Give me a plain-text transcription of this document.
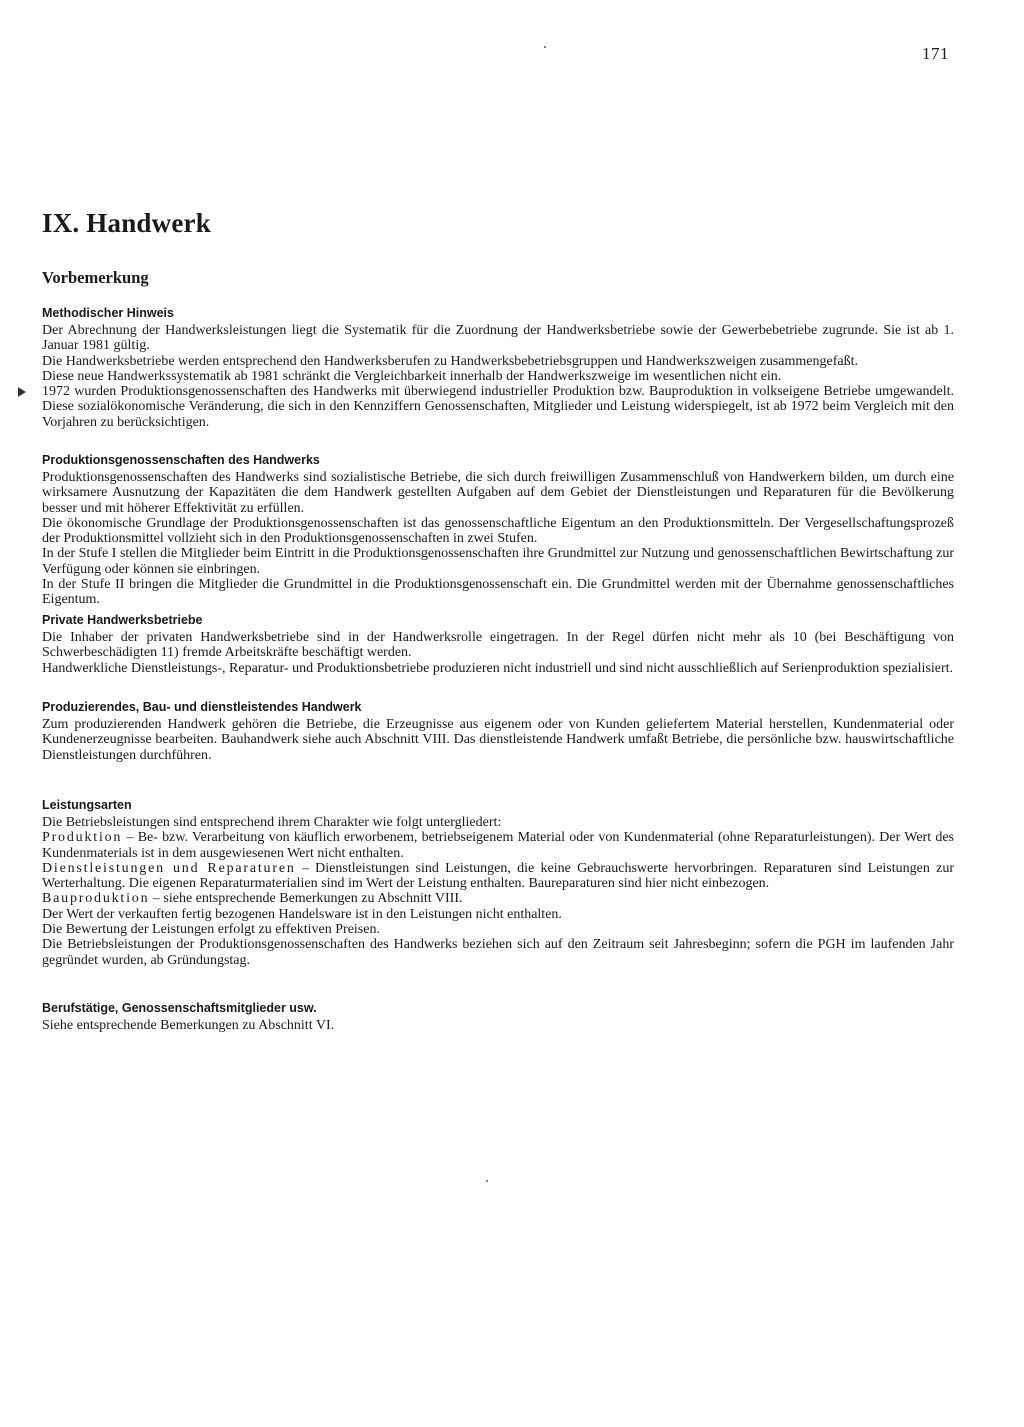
171
IX. Handwerk
Vorbemerkung
Methodischer Hinweis

Der Abrechnung der Handwerksleistungen liegt die Systematik für die Zuordnung der Handwerksbetriebe sowie der Gewerbebetriebe zugrunde. Sie ist ab 1. Januar 1981 gültig.

Die Handwerksbetriebe werden entsprechend den Handwerksberufen zu Handwerksbebetriebsgruppen und Handwerkszweigen zusammengefaßt.

Diese neue Handwerkssystematik ab 1981 schränkt die Vergleichbarkeit innerhalb der Handwerkszweige im wesentlichen nicht ein.

1972 wurden Produktionsgenossenschaften des Handwerks mit überwiegend industrieller Produktion bzw. Bauproduktion in volkseigene Betriebe umgewandelt. Diese sozialökonomische Veränderung, die sich in den Kennziffern Genossenschaften, Mitglieder und Leistung widerspiegelt, ist ab 1972 beim Vergleich mit den Vorjahren zu berücksichtigen.

Produktionsgenossenschaften des Handwerks

Produktionsgenossenschaften des Handwerks sind sozialistische Betriebe, die sich durch freiwilligen Zusammenschluß von Handwerkern bilden, um durch eine wirksamere Ausnutzung der Kapazitäten die dem Handwerk gestellten Aufgaben auf dem Gebiet der Dienstleistungen und Reparaturen für die Bevölkerung besser und mit höherer Effektivität zu erfüllen.

Die ökonomische Grundlage der Produktionsgenossenschaften ist das genossenschaftliche Eigentum an den Produktionsmitteln. Der Vergesellschaftungsprozeß der Produktionsmittel vollzieht sich in den Produktionsgenossenschaften in zwei Stufen.

In der Stufe I stellen die Mitglieder beim Eintritt in die Produktionsgenossenschaften ihre Grundmittel zur Nutzung und genossenschaftlichen Bewirtschaftung zur Verfügung oder können sie einbringen.

In der Stufe II bringen die Mitglieder die Grundmittel in die Produktionsgenossenschaft ein. Die Grundmittel werden mit der Übernahme genossenschaftliches Eigentum.

Private Handwerksbetriebe

Die Inhaber der privaten Handwerksbetriebe sind in der Handwerksrolle eingetragen. In der Regel dürfen nicht mehr als 10 (bei Beschäftigung von Schwerbeschädigten 11) fremde Arbeitskräfte beschäftigt werden.

Handwerkliche Dienstleistungs-, Reparatur- und Produktionsbetriebe produzieren nicht industriell und sind nicht ausschließlich auf Serienproduktion spezialisiert.

Produzierendes, Bau- und dienstleistendes Handwerk

Zum produzierenden Handwerk gehören die Betriebe, die Erzeugnisse aus eigenem oder von Kunden geliefertem Material herstellen, Kundenmaterial oder Kundenerzeugnisse bearbeiten. Bauhandwerk siehe auch Abschnitt VIII. Das dienstleistende Handwerk umfaßt Betriebe, die persönliche bzw. hauswirtschaftliche Dienstleistungen durchführen.

Leistungsarten

Die Betriebsleistungen sind entsprechend ihrem Charakter wie folgt untergliedert:

Produktion – Be- bzw. Verarbeitung von käuflich erworbenem, betriebseigenem Material oder von Kundenmaterial (ohne Reparaturleistungen). Der Wert des Kundenmaterials ist in dem ausgewiesenen Wert nicht enthalten.

Dienstleistungen und Reparaturen – Dienstleistungen sind Leistungen, die keine Gebrauchswerte hervorbringen. Reparaturen sind Leistungen zur Werterhaltung. Die eigenen Reparaturmaterialien sind im Wert der Leistung enthalten. Baureparaturen sind hier nicht einbezogen.

Bauproduktion – siehe entsprechende Bemerkungen zu Abschnitt VIII.

Der Wert der verkauften fertig bezogenen Handelsware ist in den Leistungen nicht enthalten.

Die Bewertung der Leistungen erfolgt zu effektiven Preisen.

Die Betriebsleistungen der Produktionsgenossenschaften des Handwerks beziehen sich auf den Zeitraum seit Jahresbeginn; sofern die PGH im laufenden Jahr gegründet wurden, ab Gründungstag.

Berufstätige, Genossenschaftsmitglieder usw.

Siehe entsprechende Bemerkungen zu Abschnitt VI.
